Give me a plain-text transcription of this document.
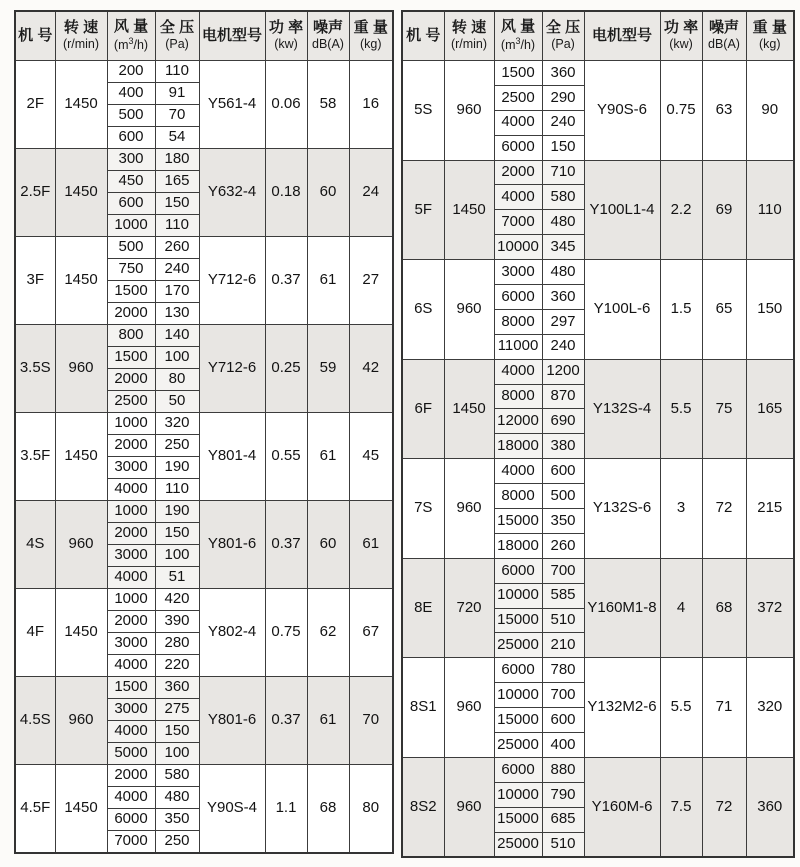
机 号	转 速
(r/min)

风 量
$(m^3/h)$

全 压
(Pa)

电机型号	功 率
(kw)

噪声
dB(A)

重 量
(kg)

2F	1450	200	110	Y561-4	0.06	58	16
		400	91				
		500	70				
		600	54				
2.5F	1450	300	180	Y632-4	0.18	60	24
		450	165				
		600	150				
		1000	110				
3F	1450	500	260	Y712-6	0.37	61	27
		750	240				
		1500	170				
		2000	130				
3.5S	960	800	140	Y712-6	0.25	59	42
		1500	100				
		2000	80				
		2500	50				
3.5F	1450	1000	320	Y801-4	0.55	61	45
		2000	250				
		3000	190				
		4000	110				
4S	960	1000	190	Y801-6	0.37	60	61
		2000	150				
		3000	100				
		4000	51				
4F	1450	1000	420	Y802-4	0.75	62	67
		2000	390				
		3000	280				
		4000	220				
4.5S	960	1500	360	Y801-6	0.37	61	70
		3000	275				
		4000	150				
		5000	100				
4.5F	1450	2000	580	Y90S-4	1.1	68	80
		4000	480				
		6000	350				
		7000	250				
机 号	转 速
(r/min)

风 量
$(m^3/h)$

全 压
(Pa)

电机型号	功 率
(kw)

噪声
dB(A)

重 量
(kg)

5S	960	1500	360	Y90S-6	0.75	63	90
		2500	290				
		4000	240				
		6000	150				
5F	1450	2000	710	Y100L1-4	2.2	69	110
		4000	580				
		7000	480				
		10000	345				
6S	960	3000	480	Y100L-6	1.5	65	150
		6000	360				
		8000	297				
		11000	240				
6F	1450	4000	1200	Y132S-4	5.5	75	165
		8000	870				
		12000	690				
		18000	380				
7S	960	4000	600	Y132S-6	3	72	215
		8000	500				
		15000	350				
		18000	260				
8E	720	6000	700	Y160M1-8	4	68	372
		10000	585				
		15000	510				
		25000	210				
8S1	960	6000	780	Y132M2-6	5.5	71	320
		10000	700				
		15000	600				
		25000	400				
8S2	960	6000	880	Y160M-6	7.5	72	360
		10000	790				
		15000	685				
		25000	510				
